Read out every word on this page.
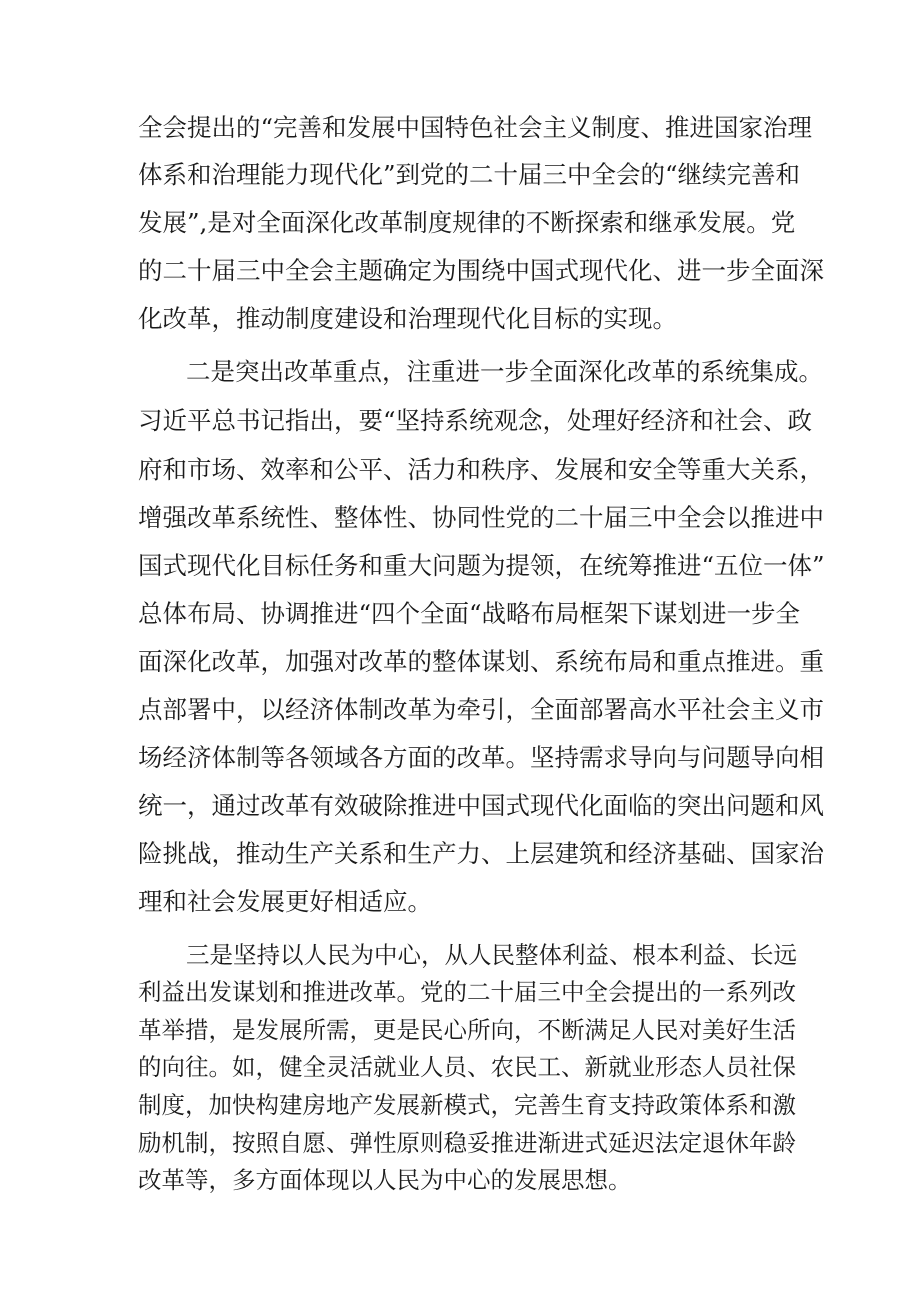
全会提出的“完善和发展中国特色社会主义制度、推进国家治理
体系和治理能力现代化”到党的二十届三中全会的“继续完善和
发展”,是对全面深化改革制度规律的不断探索和继承发展。党
的二十届三中全会主题确定为围绕中国式现代化、进一步全面深
化改革，推动制度建设和治理现代化目标的实现。
二是突出改革重点，注重进一步全面深化改革的系统集成。
习近平总书记指出，要“坚持系统观念，处理好经济和社会、政
府和市场、效率和公平、活力和秩序、发展和安全等重大关系，
增强改革系统性、整体性、协同性党的二十届三中全会以推进中
国式现代化目标任务和重大问题为提领，在统筹推进“五位一体”
总体布局、协调推进“四个全面“战略布局框架下谋划进一步全
面深化改革，加强对改革的整体谋划、系统布局和重点推进。重
点部署中，以经济体制改革为牵引，全面部署高水平社会主义市
场经济体制等各领域各方面的改革。坚持需求导向与问题导向相
统一，通过改革有效破除推进中国式现代化面临的突出问题和风
险挑战，推动生产关系和生产力、上层建筑和经济基础、国家治
理和社会发展更好相适应。
三是坚持以人民为中心，从人民整体利益、根本利益、长远
利益出发谋划和推进改革。党的二十届三中全会提出的一系列改
革举措，是发展所需，更是民心所向，不断满足人民对美好生活
的向往。如，健全灵活就业人员、农民工、新就业形态人员社保
制度，加快构建房地产发展新模式，完善生育支持政策体系和激
励机制，按照自愿、弹性原则稳妥推进渐进式延迟法定退休年龄
改革等，多方面体现以人民为中心的发展思想。
